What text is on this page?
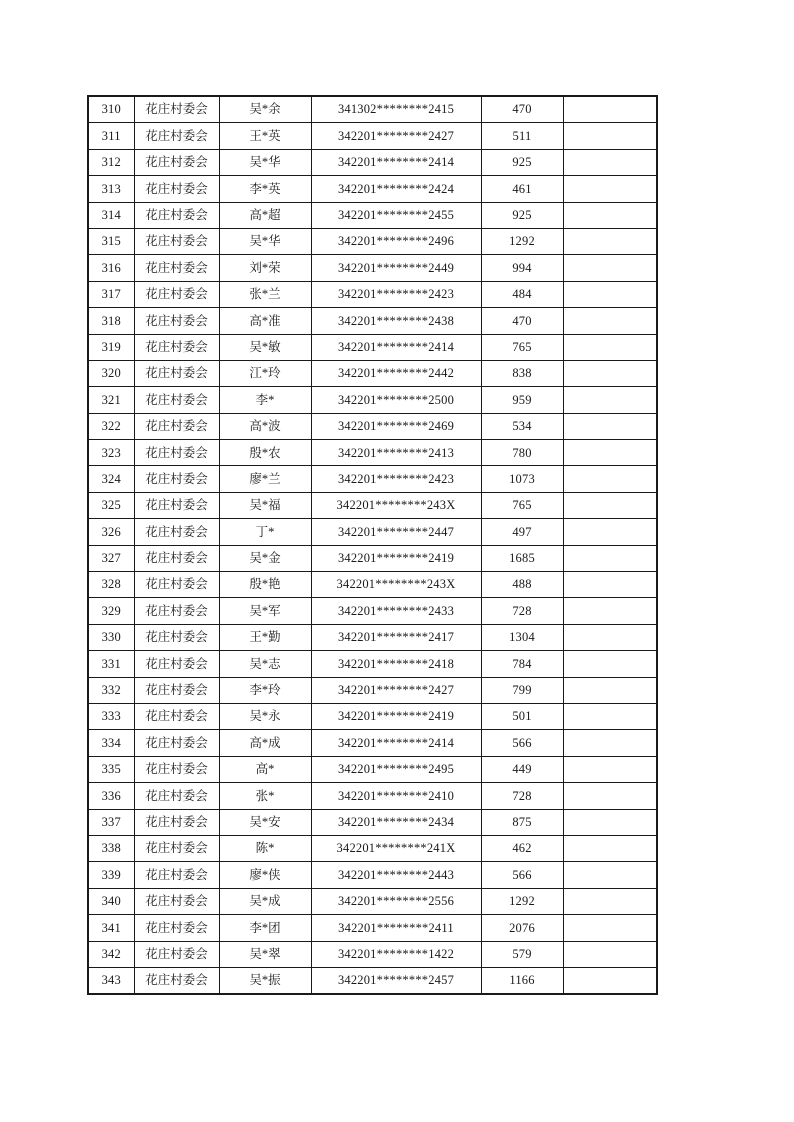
310	花庄村委会	吴*余	341302********2415	470	
311	花庄村委会	王*英	342201********2427	511	
312	花庄村委会	吴*华	342201********2414	925	
313	花庄村委会	李*英	342201********2424	461	
314	花庄村委会	高*超	342201********2455	925	
315	花庄村委会	吴*华	342201********2496	1292	
316	花庄村委会	刘*荣	342201********2449	994	
317	花庄村委会	张*兰	342201********2423	484	
318	花庄村委会	高*准	342201********2438	470	
319	花庄村委会	吴*敏	342201********2414	765	
320	花庄村委会	江*玲	342201********2442	838	
321	花庄村委会	李*	342201********2500	959	
322	花庄村委会	高*波	342201********2469	534	
323	花庄村委会	殷*农	342201********2413	780	
324	花庄村委会	廖*兰	342201********2423	1073	
325	花庄村委会	吴*福	342201********243X	765	
326	花庄村委会	丁*	342201********2447	497	
327	花庄村委会	吴*金	342201********2419	1685	
328	花庄村委会	殷*艳	342201********243X	488	
329	花庄村委会	吴*军	342201********2433	728	
330	花庄村委会	王*勤	342201********2417	1304	
331	花庄村委会	吴*志	342201********2418	784	
332	花庄村委会	李*玲	342201********2427	799	
333	花庄村委会	吴*永	342201********2419	501	
334	花庄村委会	高*成	342201********2414	566	
335	花庄村委会	高*	342201********2495	449	
336	花庄村委会	张*	342201********2410	728	
337	花庄村委会	吴*安	342201********2434	875	
338	花庄村委会	陈*	342201********241X	462	
339	花庄村委会	廖*侠	342201********2443	566	
340	花庄村委会	吴*成	342201********2556	1292	
341	花庄村委会	李*团	342201********2411	2076	
342	花庄村委会	吴*翠	342201********1422	579	
343	花庄村委会	吴*振	342201********2457	1166	
